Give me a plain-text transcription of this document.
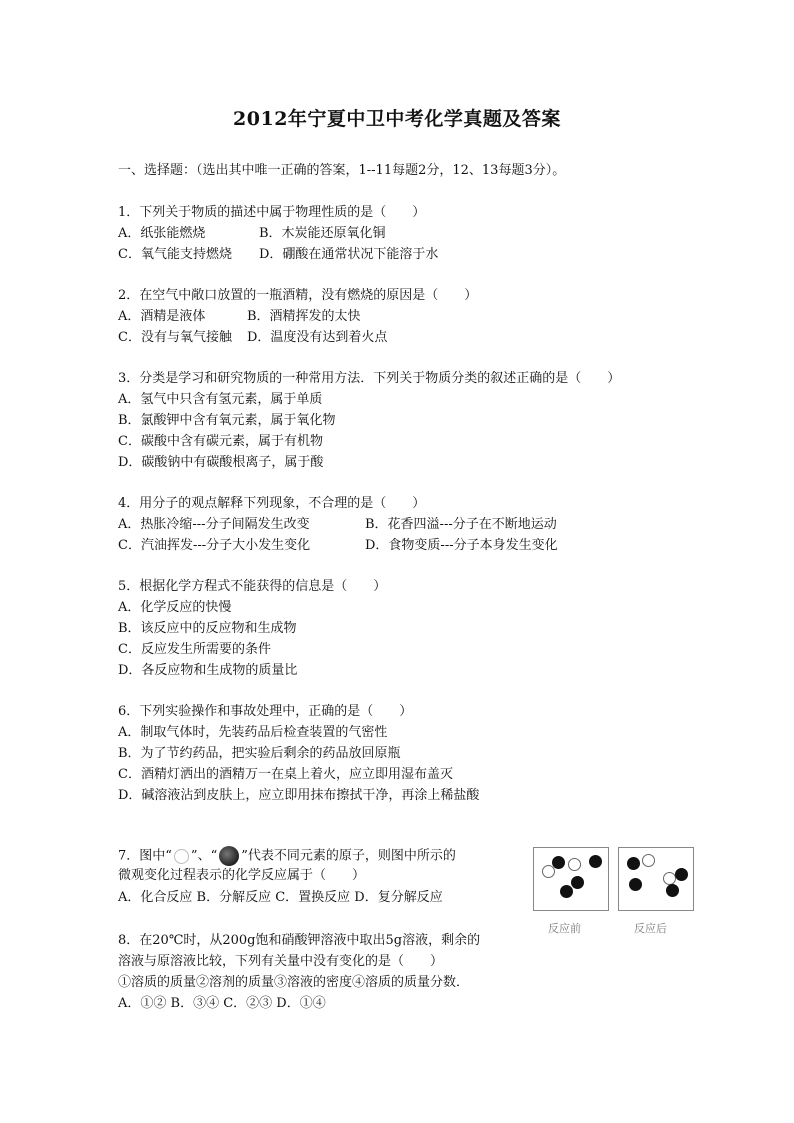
2012年宁夏中卫中考化学真题及答案
一、选择题：（选出其中唯一正确的答案，1--11每题2分，12、13每题3分）。
1．下列关于物质的描述中属于物理性质的是（　　）
A．纸张能燃烧	B．木炭能还原氧化铜
C．氧气能支持燃烧 D．硼酸在通常状况下能溶于水
2．在空气中敞口放置的一瓶酒精，没有燃烧的原因是（　　）
A．酒精是液体	B．酒精挥发的太快
C．没有与氧气接触 D．温度没有达到着火点
3．分类是学习和研究物质的一种常用方法．下列关于物质分类的叙述正确的是（　　）
A．氢气中只含有氢元素，属于单质
B．氯酸钾中含有氧元素，属于氧化物
C．碳酸中含有碳元素，属于有机物
D．碳酸钠中有碳酸根离子，属于酸
4．用分子的观点解释下列现象，不合理的是（　　）
A．热胀冷缩---分子间隔发生改变	B．花香四溢---分子在不断地运动
C．汽油挥发---分子大小发生变化	D．食物变质---分子本身发生变化
5．根据化学方程式不能获得的信息是（　　）
A．化学反应的快慢
B．该反应中的反应物和生成物
C．反应发生所需要的条件
D．各反应物和生成物的质量比
6．下列实验操作和事故处理中，正确的是（　　）
A．制取气体时，先装药品后检查装置的气密性
B．为了节约药品，把实验后剩余的药品放回原瓶
C．酒精灯洒出的酒精万一在桌上着火，应立即用湿布盖灭
D．碱溶液沾到皮肤上，应立即用抹布擦拭干净，再涂上稀盐酸
7．图中“ ”、“ ”代表不同元素的原子，则图中所示的
微观变化过程表示的化学反应属于（　　）
A．化合反应 B．分解反应 C．置换反应 D．复分解反应
反应前	反应后
8．在20℃时，从200g饱和硝酸钾溶液中取出5g溶液，剩余的
溶液与原溶液比较，下列有关量中没有变化的是（　　）
①溶质的质量②溶剂的质量③溶液的密度④溶质的质量分数．
A．①② B．③④ C．②③ D．①④
